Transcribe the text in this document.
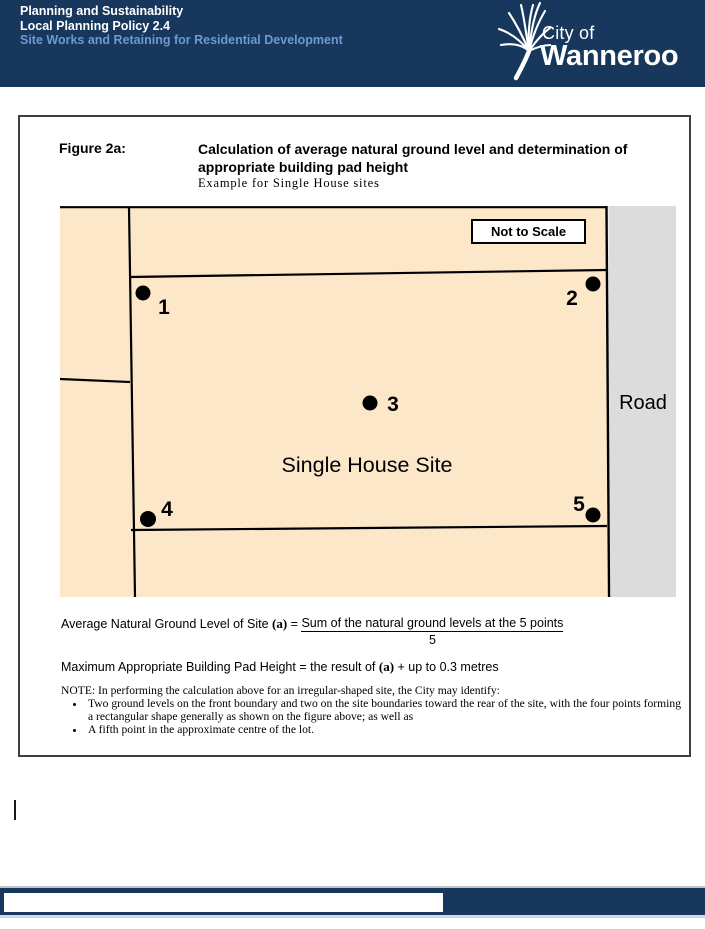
Planning and Sustainability
Local Planning Policy 2.4
Site Works and Retaining for Residential Development	City of
Wanneroo
Figure 2a:	Calculation of average natural ground level and determination of
appropriate building pad height
Example for Single House sites
1	2
3
4	5
Single House Site
Road
Not to Scale
Average Natural Ground Level of Site $(a) = \frac{\text{Sum of the natural ground levels at the 5 points}}{5}$
Maximum Appropriate Building Pad Height = the result of (a) + up to 0.3 metres
NOTE: In performing the calculation above for an irregular-shaped site, the City may identify:
• Two ground levels on the front boundary and two on the site boundaries toward the rear of the site, with the four points forming a rectangular shape generally as shown on the figure above; as well as
• A fifth point in the approximate centre of the lot.
